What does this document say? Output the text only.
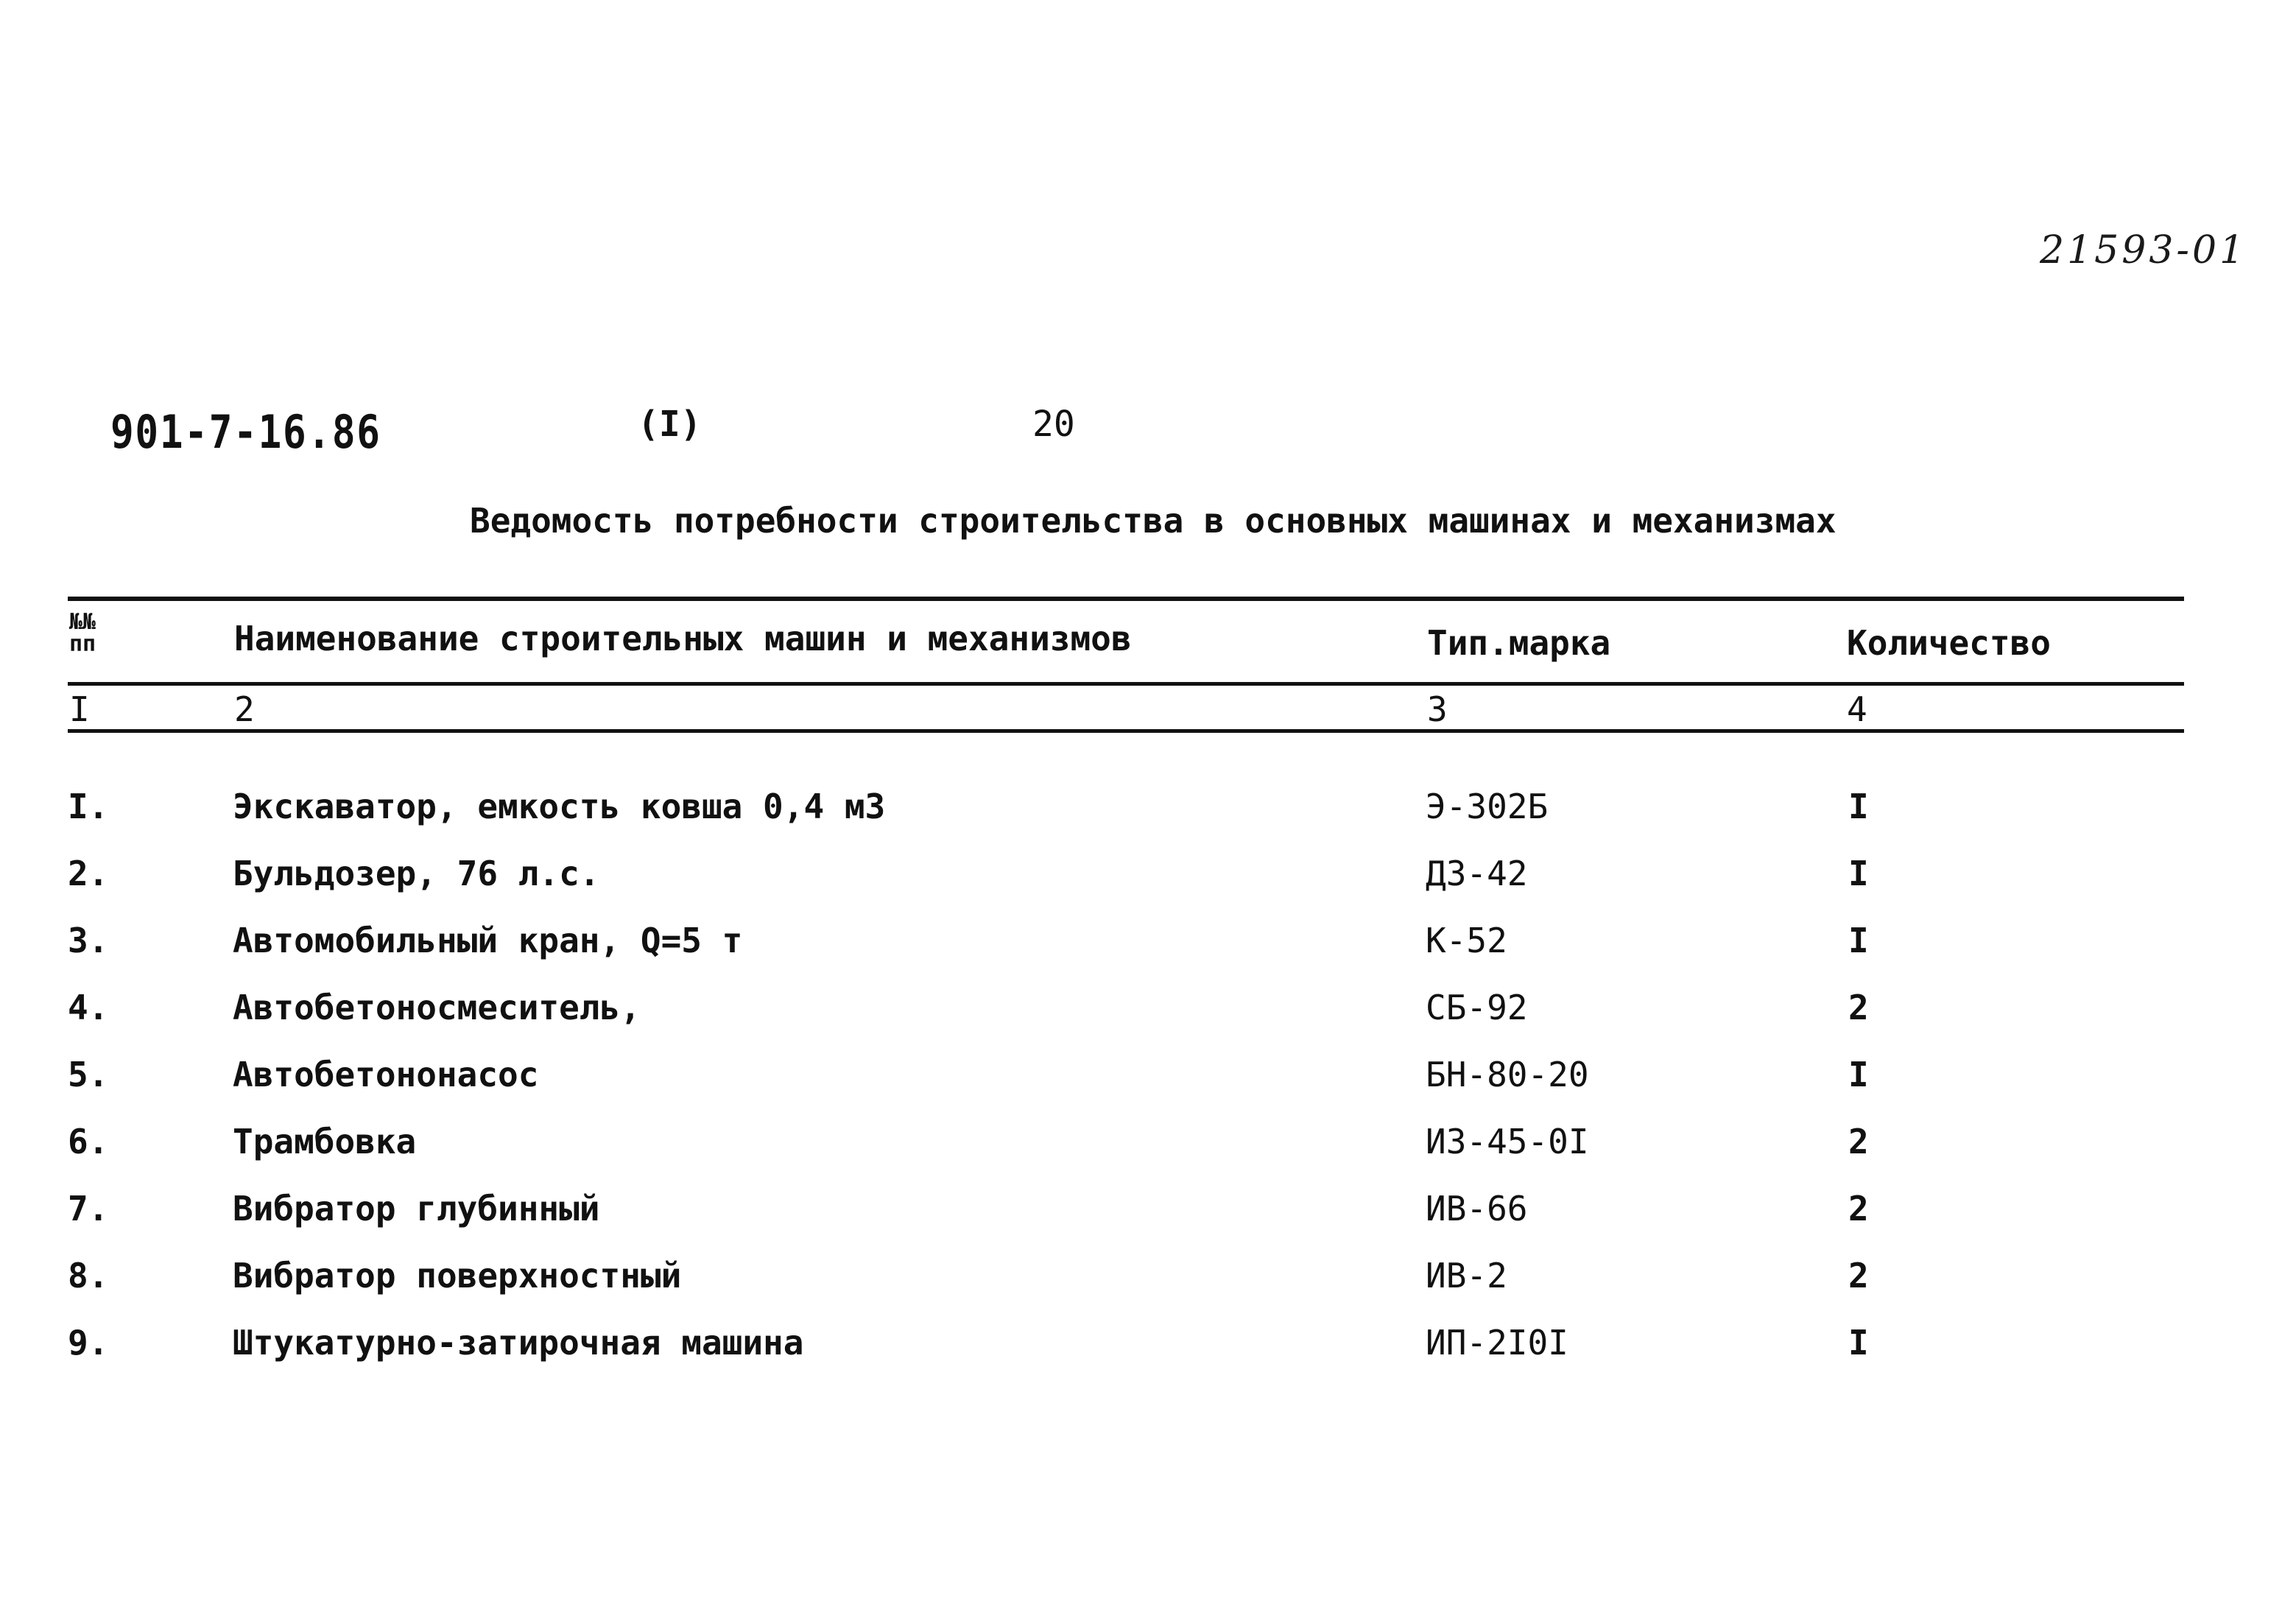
21593-01
901-7-16.86	(I)	20
Ведомость потребности строительства в основных машинах и механизмах
№№ пп	Наименование строительных машин и механизмов	Тип.марка	Количество
I	2	3	4
I.	Экскаватор, емкость ковша 0,4 м3	Э-302Б	I
2.	Бульдозер, 76 л.с.	ДЗ-42	I
3.	Автомобильный кран, Q=5 т	К-52	I
4.	Автобетоносмеситель,	СБ-92	2
5.	Автобетононасос	БН-80-20	I
6.	Трамбовка	ИЗ-45-0I	2
7.	Вибратор глубинный	ИВ-66	2
8.	Вибратор поверхностный	ИВ-2	2
9.	Штукатурно-затирочная машина	ИП-2I0I	I
